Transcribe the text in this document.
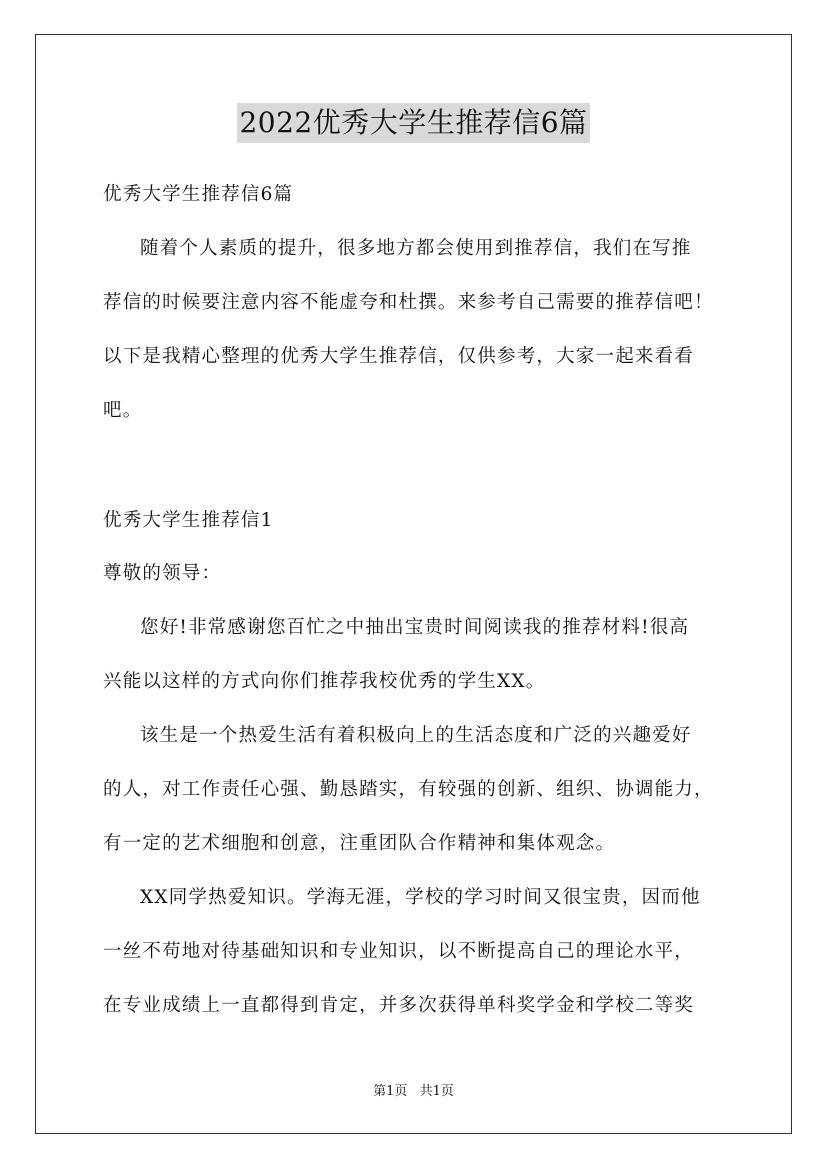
2022优秀大学生推荐信6篇
优秀大学生推荐信6篇
随着个人素质的提升，很多地方都会使用到推荐信，我们在写推
荐信的时候要注意内容不能虚夸和杜撰。来参考自己需要的推荐信吧！
以下是我精心整理的优秀大学生推荐信，仅供参考，大家一起来看看
吧。
优秀大学生推荐信1
尊敬的领导：
您好!非常感谢您百忙之中抽出宝贵时间阅读我的推荐材料!很高
兴能以这样的方式向你们推荐我校优秀的学生XX。
该生是一个热爱生活有着积极向上的生活态度和广泛的兴趣爱好
的人，对工作责任心强、勤恳踏实，有较强的创新、组织、协调能力，
有一定的艺术细胞和创意，注重团队合作精神和集体观念。
XX同学热爱知识。学海无涯，学校的学习时间又很宝贵，因而他
一丝不苟地对待基础知识和专业知识，以不断提高自己的理论水平，
在专业成绩上一直都得到肯定，并多次获得单科奖学金和学校二等奖
第1页 共1页
